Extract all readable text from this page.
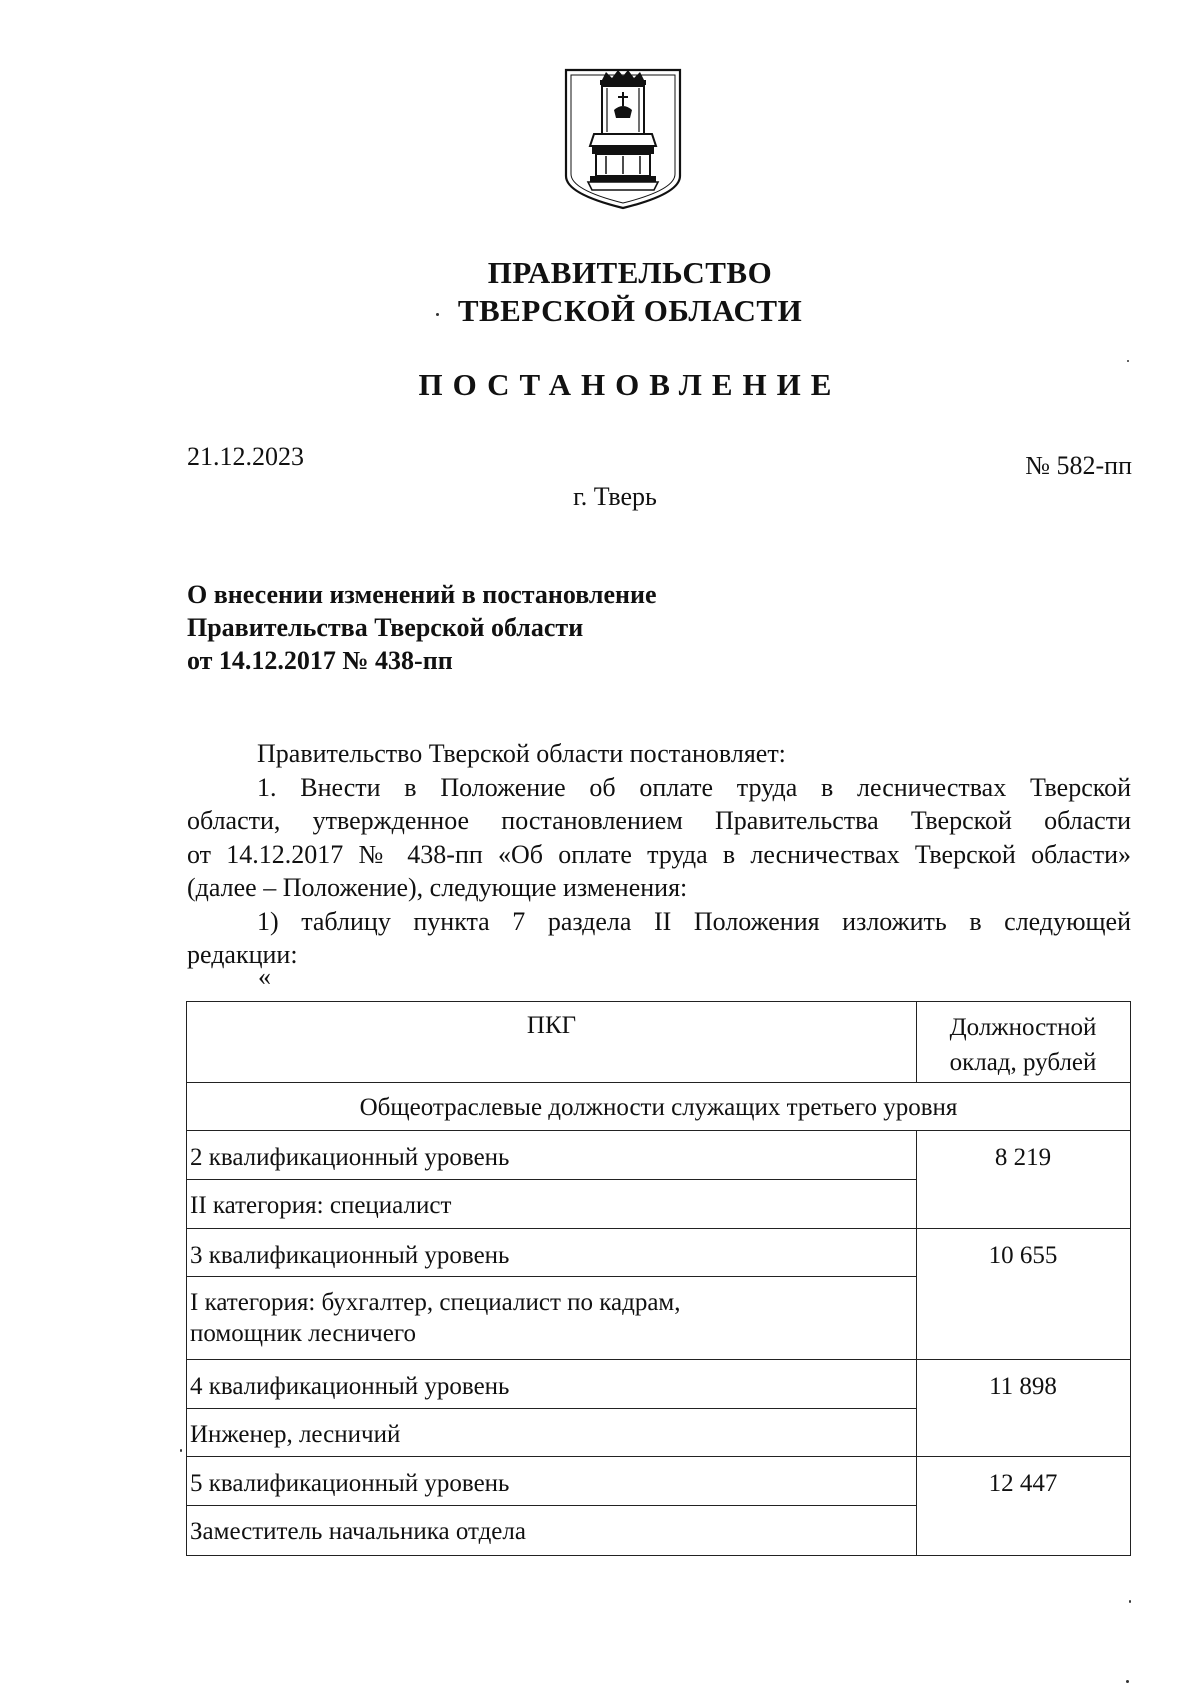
ПРАВИТЕЛЬСТВО
ТВЕРСКОЙ ОБЛАСТИ
ПОСТАНОВЛЕНИЕ
21.12.2023	№ 582-пп
г. Тверь
О внесении изменений в постановление
Правительства Тверской области
от 14.12.2017 № 438-пп
Правительство Тверской области постановляет:
1. Внести в Положение об оплате труда в лесничествах Тверской
области, утвержденное постановлением Правительства Тверской области
от 14.12.2017 № 438-пп «Об оплате труда в лесничествах Тверской области»
(далее – Положение), следующие изменения:
1) таблицу пункта 7 раздела II Положения изложить в следующей
редакции:
«
ПКГ	Должностной
оклад, рублей
Общеотраслевые должности служащих третьего уровня
2 квалификационный уровень	8 219
II категория: специалист
3 квалификационный уровень	10 655
I категория: бухгалтер, специалист по кадрам,
помощник лесничего
4 квалификационный уровень	11 898
Инженер, лесничий
5 квалификационный уровень	12 447
Заместитель начальника отдела
